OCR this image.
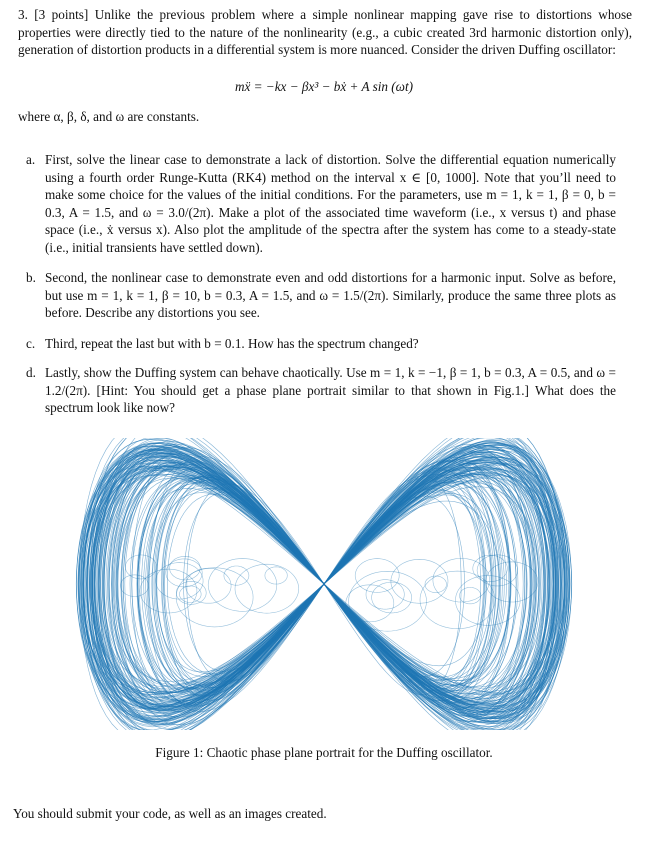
3. [3 points] Unlike the previous problem where a simple nonlinear mapping gave rise to distortions whose properties were directly tied to the nature of the nonlinearity (e.g., a cubic created 3rd harmonic distortion only), generation of distortion products in a differential system is more nuanced. Consider the driven Duffing oscillator:
mẍ = −kx − βx³ − bẋ + A sin (ωt)
where α, β, δ, and ω are constants.
a. First, solve the linear case to demonstrate a lack of distortion. Solve the differential equation numerically using a fourth order Runge-Kutta (RK4) method on the interval x ∈ [0, 1000]. Note that you’ll need to make some choice for the values of the initial conditions. For the parameters, use m = 1, k = 1, β = 0, b = 0.3, A = 1.5, and ω = 3.0/(2π). Make a plot of the associated time waveform (i.e., x versus t) and phase space (i.e., ẋ versus x). Also plot the amplitude of the spectra after the system has come to a steady-state (i.e., initial transients have settled down).
b. Second, the nonlinear case to demonstrate even and odd distortions for a harmonic input. Solve as before, but use m = 1, k = 1, β = 10, b = 0.3, A = 1.5, and ω = 1.5/(2π). Similarly, produce the same three plots as before. Describe any distortions you see.
c. Third, repeat the last but with b = 0.1. How has the spectrum changed?
d. Lastly, show the Duffing system can behave chaotically. Use m = 1, k = −1, β = 1, b = 0.3, A = 0.5, and ω = 1.2/(2π). [Hint: You should get a phase plane portrait similar to that shown in Fig.1.] What does the spectrum look like now?
Figure 1: Chaotic phase plane portrait for the Duffing oscillator.
You should submit your code, as well as an images created.
